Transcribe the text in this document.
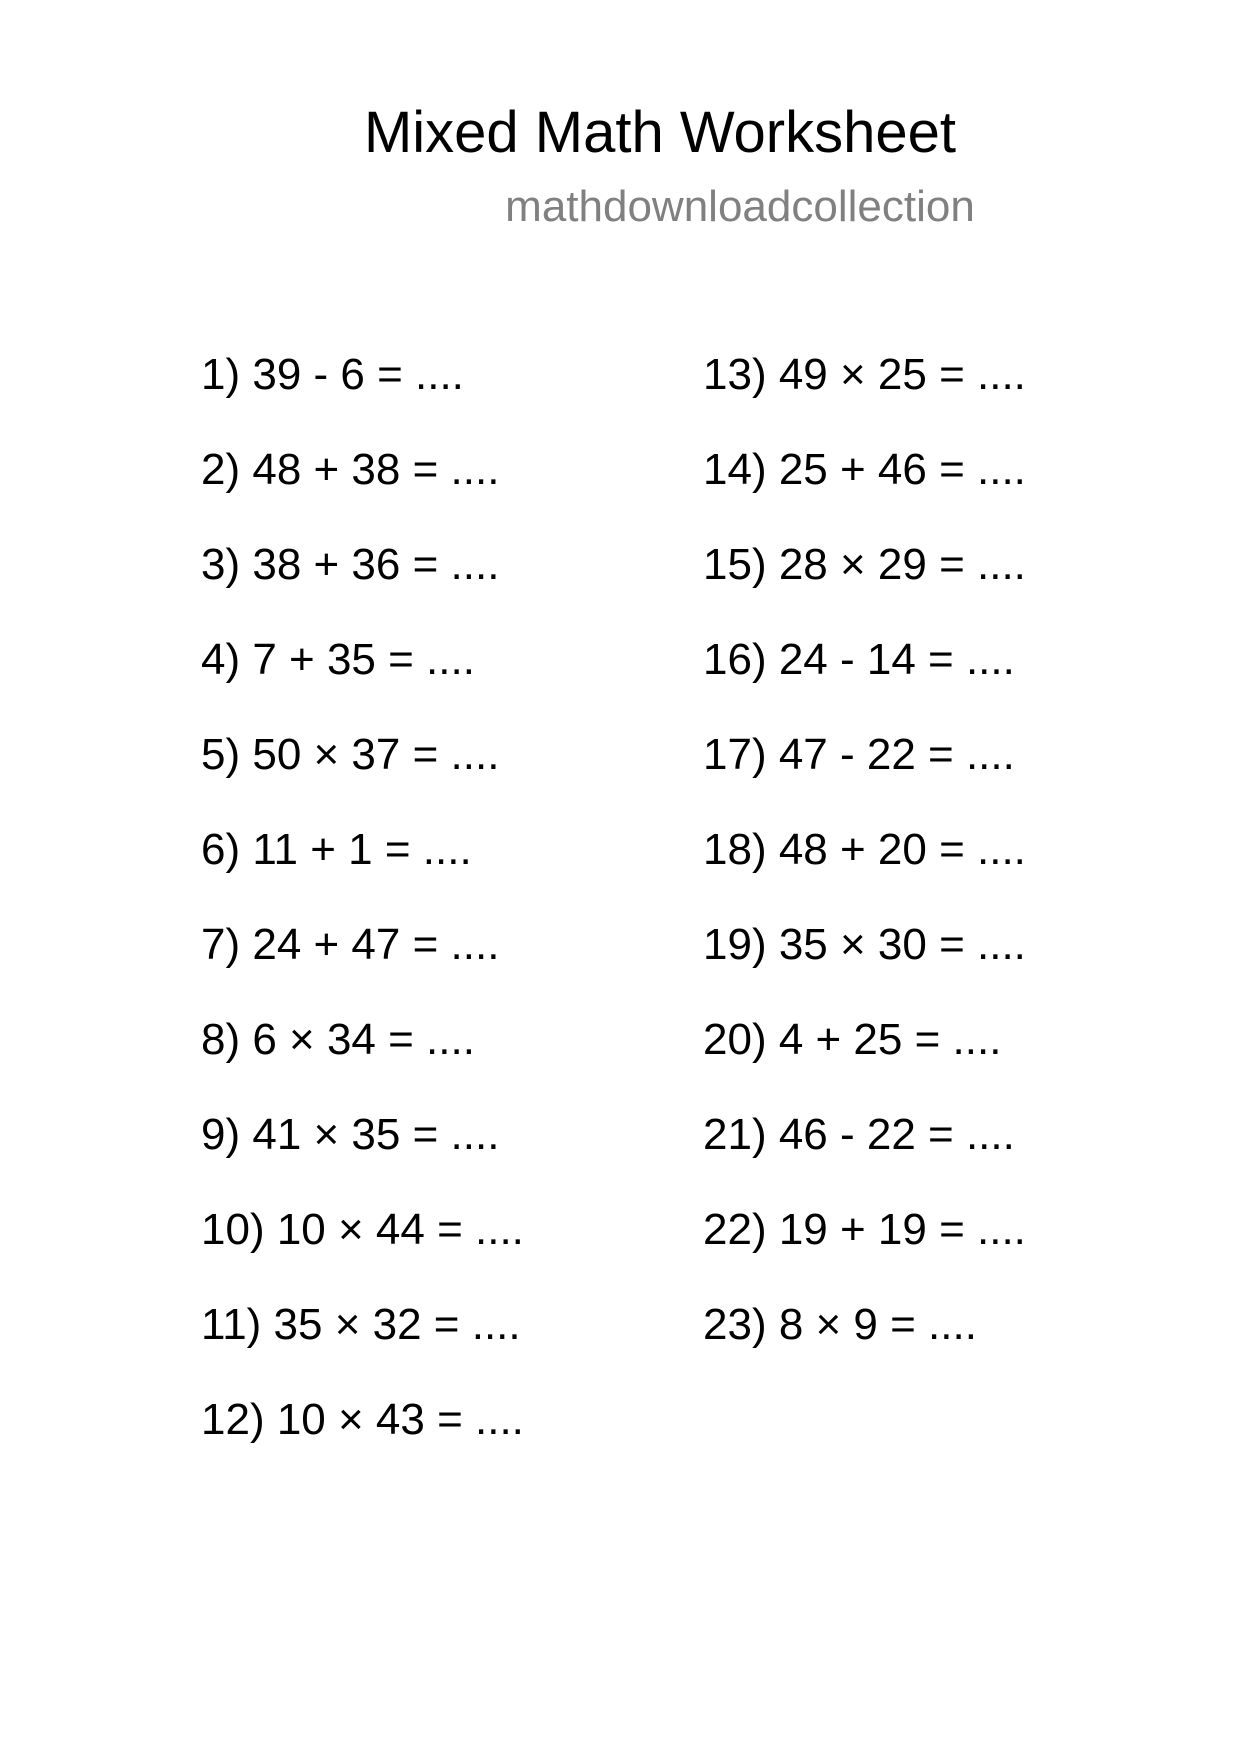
Mixed Math Worksheet
mathdownloadcollection
1) 39 - 6 = ....
2) 48 + 38 = ....
3) 38 + 36 = ....
4) 7 + 35 = ....
5) 50 × 37 = ....
6) 11 + 1 = ....
7) 24 + 47 = ....
8) 6 × 34 = ....
9) 41 × 35 = ....
10) 10 × 44 = ....
11) 35 × 32 = ....
12) 10 × 43 = ....
13) 49 × 25 = ....
14) 25 + 46 = ....
15) 28 × 29 = ....
16) 24 - 14 = ....
17) 47 - 22 = ....
18) 48 + 20 = ....
19) 35 × 30 = ....
20) 4 + 25 = ....
21) 46 - 22 = ....
22) 19 + 19 = ....
23) 8 × 9 = ....
